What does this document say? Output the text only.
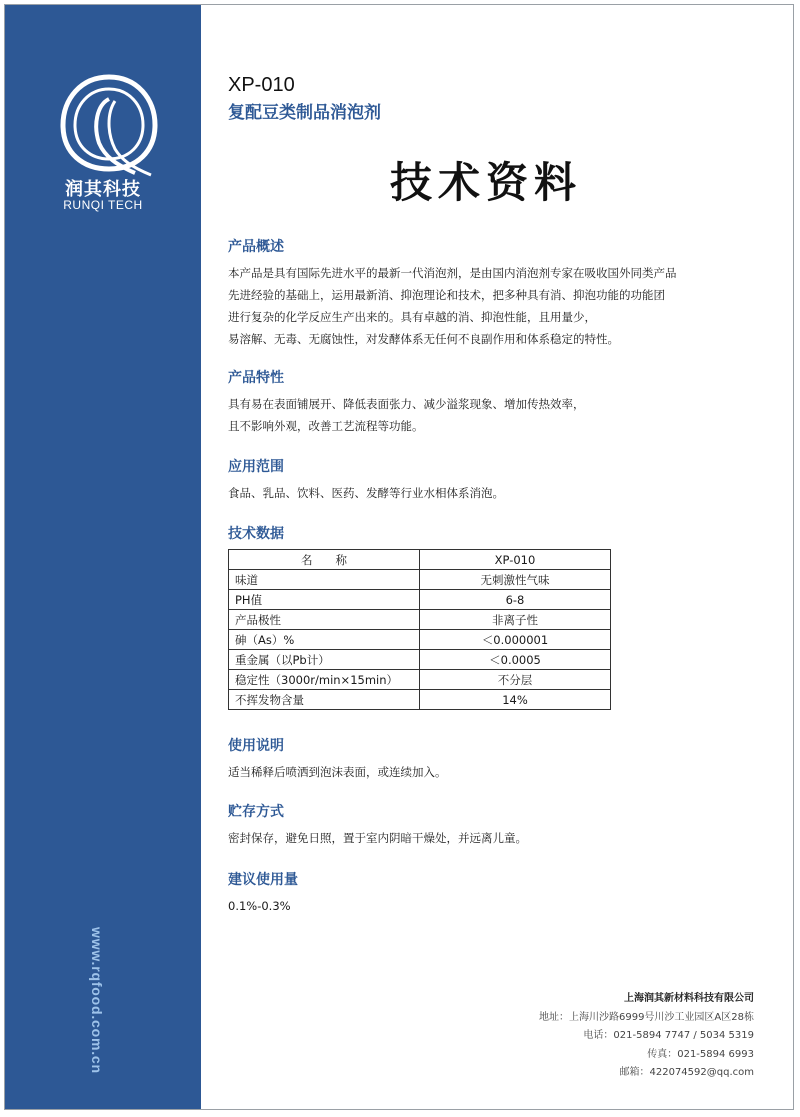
润其科技
RUNQI TECH
www.rqfood.com.cn
XP-010
复配豆类制品消泡剂
技术资料
产品概述

本产品是具有国际先进水平的最新一代消泡剂，是由国内消泡剂专家在吸收国外同类产品

先进经验的基础上，运用最新消、抑泡理论和技术，把多种具有消、抑泡功能的功能团

进行复杂的化学反应生产出来的。具有卓越的消、抑泡性能，且用量少，

易溶解、无毒、无腐蚀性，对发酵体系无任何不良副作用和体系稳定的特性。

产品特性

具有易在表面铺展开、降低表面张力、减少溢浆现象、增加传热效率，

且不影响外观，改善工艺流程等功能。

应用范围

食品、乳品、饮料、医药、发酵等行业水相体系消泡。

技术数据
名　　称	XP-010
味道	无刺激性气味
PH值	6-8
产品极性	非离子性
砷（As）%	＜0.000001
重金属（以Pb计）	＜0.0005
稳定性（3000r/min×15min）	不分层
不挥发物含量	14%
使用说明

适当稀释后喷洒到泡沫表面，或连续加入。

贮存方式

密封保存，避免日照，置于室内阴暗干燥处，并远离儿童。

建议使用量

0.1%-0.3%

上海润其新材料科技有限公司
地址：上海川沙路6999号川沙工业园区A区28栋
电话：021-5894 7747 / 5034 5319
传真：021-5894 6993
邮箱：422074592@qq.com
